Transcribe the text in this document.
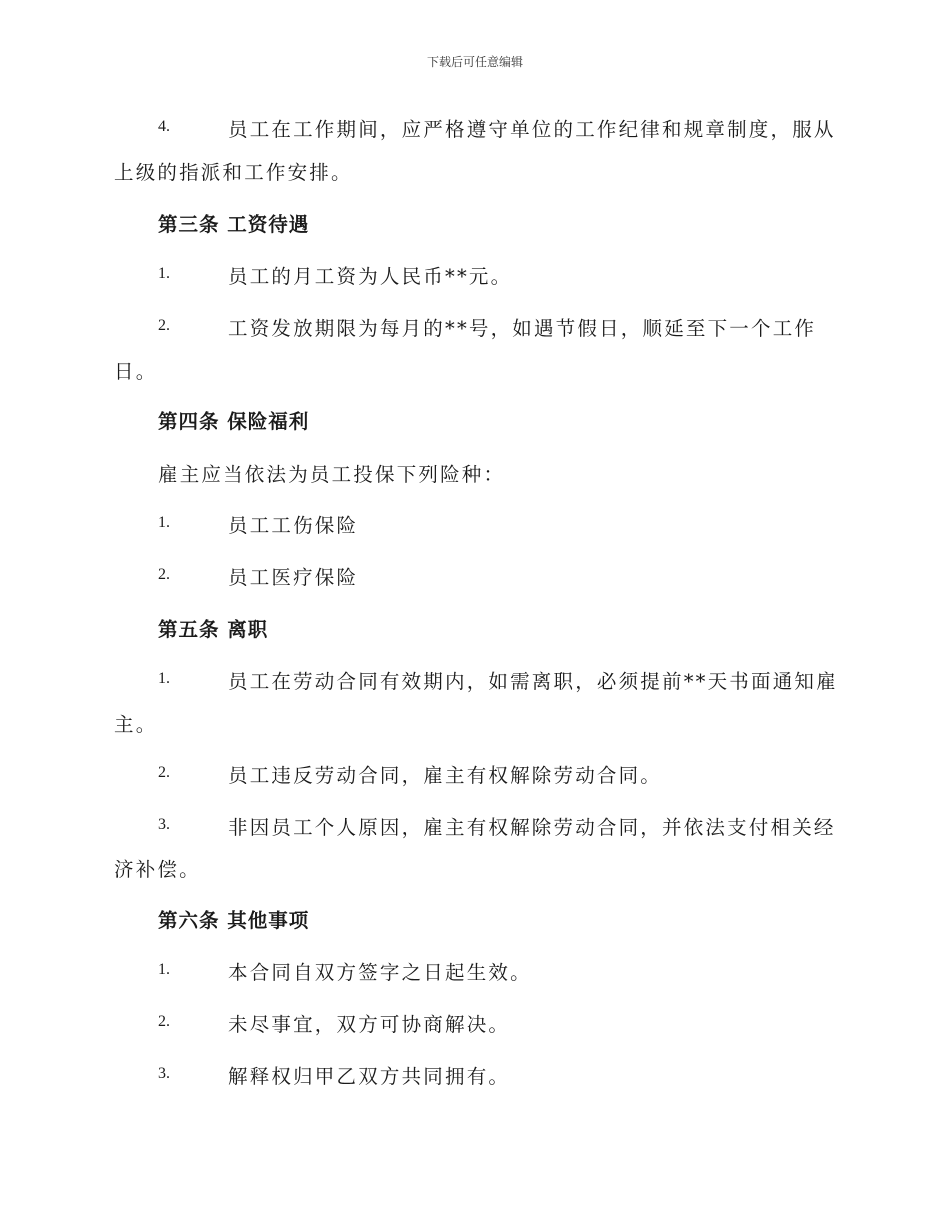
下载后可任意编辑
4.	员工在工作期间，应严格遵守单位的工作纪律和规章制度，服从
上级的指派和工作安排。
第三条 工资待遇
1.	员工的月工资为人民币**元。
2.	工资发放期限为每月的**号，如遇节假日，顺延至下一个工作
日。
第四条 保险福利
雇主应当依法为员工投保下列险种：
1.	员工工伤保险
2.	员工医疗保险
第五条 离职
1.	员工在劳动合同有效期内，如需离职，必须提前**天书面通知雇
主。
2.	员工违反劳动合同，雇主有权解除劳动合同。
3.	非因员工个人原因，雇主有权解除劳动合同，并依法支付相关经
济补偿。
第六条 其他事项
1.	本合同自双方签字之日起生效。
2.	未尽事宜，双方可协商解决。
3.	解释权归甲乙双方共同拥有。
